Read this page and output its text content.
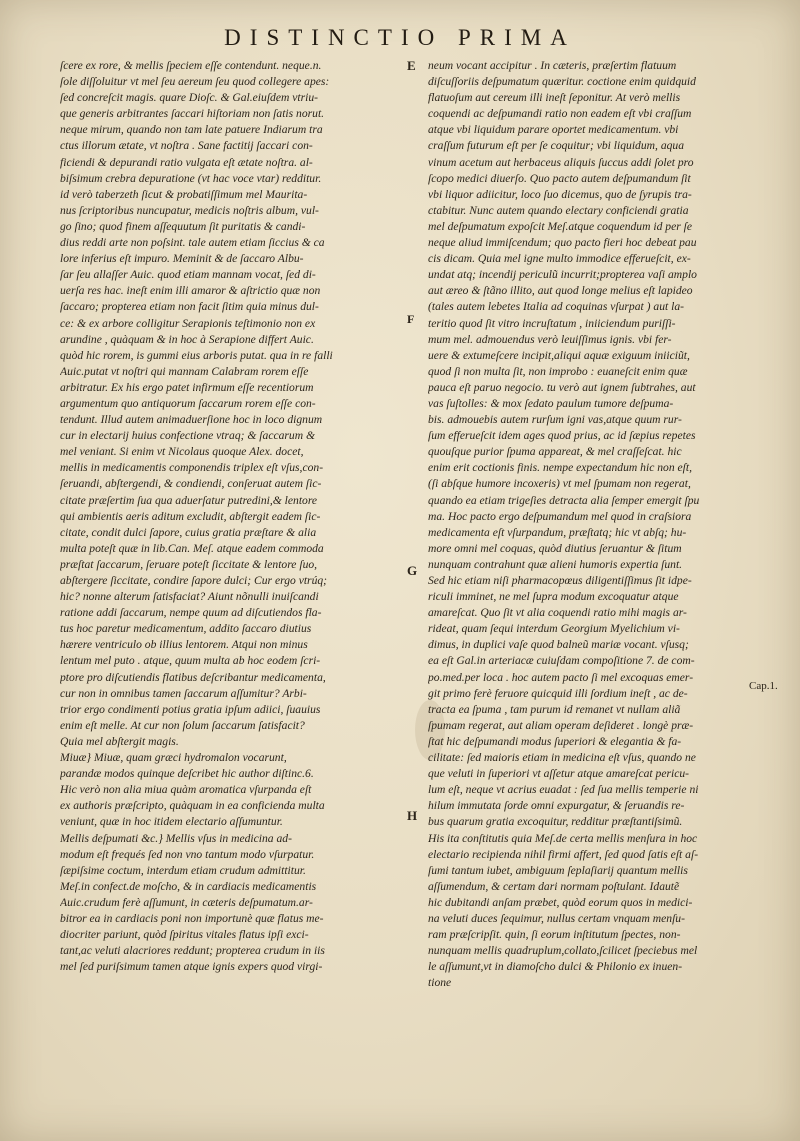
DISTINCTIO PRIMA
ſcere ex rore, & mellis ſpeciem eſſe contendunt. neque.n.
ſole diſſoluitur vt mel ſeu aereum ſeu quod collegere apes:
ſed concreſcit magis. quare Dioſc. & Gal.eiuſdem vtriu-
que generis arbitrantes ſaccari hiſtoriam non ſatis norut.
neque mirum, quando non tam late patuere Indiarum tra
ctus illorum ætate, vt noſtra . Sane factitij ſaccari con-
ficiendi & depurandi ratio vulgata eſt ætate noſtra. al-
biſsimum crebra depuratione (vt hac voce vtar) redditur.
id verò taberzeth ſicut & probatiſſimum mel Maurita-
nus ſcriptoribus nuncupatur, medicis noſtris album, vul-
go ſino; quod finem aſſequutum ſit puritatis & candi-
dius reddi arte non poſsint. tale autem etiam ſiccius & ca
lore inferius eſt impuro. Meminit & de ſaccaro Albu-
ſar ſeu allaſſer Auic. quod etiam mannam vocat, ſed di-
uerſa res hac. ineſt enim illi amaror & aſtrictio quæ non
ſaccaro; propterea etiam non facit ſitim quia minus dul-
ce: & ex arbore colligitur Serapionis teſtimonio non ex
arundine , quàquam & in hoc à Serapione differt Auic.
quòd hic rorem, is gummi eius arboris putat. qua in re falli
Auic.putat vt noſtri qui mannam Calabram rorem eſſe
arbitratur. Ex his ergo patet infirmum eſſe recentiorum
argumentum quo antiquorum ſaccarum rorem eſſe con-
tendunt. Illud autem animaduerſione hoc in loco dignum
cur in electarij huius confectione vtraq; & ſaccarum &
mel veniant. Si enim vt Nicolaus quoque Alex. docet,
mellis in medicamentis componendis triplex eſt vſus,con-
ſeruandi, abſtergendi, & condiendi, conſeruat autem ſic-
citate præſertim ſua qua aduerſatur putredini,& lentore
qui ambientis aeris aditum excludit, abſtergit eadem ſic-
citate, condit dulci ſapore, cuius gratia præſtare & alia
multa poteſt quæ in lib.Can. Meſ. atque eadem commoda
præſtat ſaccarum, ſeruare poteſt ſiccitate & lentore ſuo,
abſtergere ſiccitate, condire ſapore dulci; Cur ergo vtrúq;
hic? nonne alterum ſatisfaciat? Aiunt nõnulli inuiſcandi
ratione addi ſaccarum, nempe quum ad diſcutiendos fla-
tus hoc paretur medicamentum, addito ſaccaro diutius
hærere ventriculo ob illius lentorem. Atqui non minus
lentum mel puto . atque, quum multa ab hoc eodem ſcri-
ptore pro diſcutiendis flatibus deſcribantur medicamenta,
cur non in omnibus tamen ſaccarum aſſumitur? Arbi-
trior ergo condimenti potius gratia ipſum adiici, ſuauius
enim eſt melle. At cur non ſolum ſaccarum ſatisfacit?
Quia mel abſtergit magis.
Miuæ} Miuæ, quam græci hydromalon vocarunt,
parandæ modos quinque deſcribet hic author diſtinc.6.
Hic verò non alia miua quàm aromatica vſurpanda eſt
ex authoris præſcripto, quàquam in ea conficienda multa
veniunt, quæ in hoc itidem electario aſſumuntur.
Mellis deſpumati &c.} Mellis vſus in medicina ad-
modum eſt frequés ſed non vno tantum modo vſurpatur.
ſæpiſsime coctum, interdum etiam crudum admittitur.
Meſ.in confect.de moſcho, & in cardiacis medicamentis
Auic.crudum ferè aſſumunt, in cæteris deſpumatum.ar-
bitror ea in cardiacis poni non importunè quæ flatus me-
diocriter pariunt, quòd ſpiritus vitales flatus ipſi exci-
tant,ac veluti alacriores reddunt; propterea crudum in iis
mel ſed puriſsimum tamen atque ignis expers quod virgi-
neum vocant accipitur . In cæteris, præſertim flatuum
diſcuſſoriis deſpumatum quæritur. coctione enim quidquid
flatuoſum aut cereum illi ineſt ſeponitur. At verò mellis
coquendi ac deſpumandi ratio non eadem eſt vbi craſſum
atque vbi liquidum parare oportet medicamentum. vbi
craſſum futurum eſt per ſe coquitur; vbi liquidum, aqua
vinum acetum aut herbaceus aliquis ſuccus addi ſolet pro
ſcopo medici diuerſo. Quo pacto autem deſpumandum ſit
vbi liquor adiicitur, loco ſuo dicemus, quo de ſyrupis tra-
ctabitur. Nunc autem quando electary conficiendi gratia
mel deſpumatum expoſcit Meſ.atque coquendum id per ſe
neque aliud immiſcendum; quo pacto fieri hoc debeat pau
cis dicam. Quia mel igne multo immodice efferueſcit, ex-
undat atq; incendij periculũ incurrit;propterea vaſi amplo
aut æreo & ſtãno illito, aut quod longe melius eſt lapideo
(tales autem lebetes Italia ad coquinas vſurpat ) aut la-
teritio quod ſit vitro incruſtatum , iniiciendum puriſſi-
mum mel. admouendus verò leuiſſimus ignis. vbi fer-
uere & extumeſcere incipit,aliqui aquæ exiguum iniiciũt,
quod ſi non multa ſit, non improbo : euaneſcit enim quæ
pauca eſt paruo negocio. tu verò aut ignem ſubtrahes, aut
vas ſuſtolles: & mox ſedato paulum tumore deſpuma-
bis. admouebis autem rurſum igni vas,atque quum rur-
ſum efferueſcit idem ages quod prius, ac id ſæpius repetes
quouſque purior ſpuma appareat, & mel craſſeſcat. hic
enim erit coctionis finis. nempe expectandum hic non eſt,
(ſi abſque humore incoxeris) vt mel ſpumam non regerat,
quando ea etiam trigeſies detracta alia ſemper emergit ſpu
ma. Hoc pacto ergo deſpumandum mel quod in craſsiora
medicamenta eſt vſurpandum, præſtatq; hic vt abſq; hu-
more omni mel coquas, quòd diutius ſeruantur & ſitum
nunquam contrahunt quæ alieni humoris expertia ſunt.
Sed hic etiam niſi pharmacopœus diligentiſſimus ſit idpe-
riculi imminet, ne mel ſupra modum excoquatur atque
amareſcat. Quo ſit vt alia coquendi ratio mihi magis ar-
rideat, quam ſequi interdum Georgium Myelichium vi-
dimus, in duplici vaſe quod balneũ mariæ vocant. vſusq;
ea eſt Gal.in arteriacæ cuiuſdam compoſitione 7. de com-
po.med.per loca . hoc autem pacto ſi mel excoquas emer-
git primo ferè feruore quicquid illi ſordium ineſt , ac de-
tracta ea ſpuma , tam purum id remanet vt nullam aliã
ſpumam regerat, aut aliam operam deſideret . longè præ-
ſtat hic deſpumandi modus ſuperiori & elegantia & fa-
cilitate: ſed maioris etiam in medicina eſt vſus, quando ne
que veluti in ſuperiori vt aſſetur atque amareſcat pericu-
lum eſt, neque vt acrius euadat : ſed ſua mellis temperie ni
hilum immutata ſorde omni expurgatur, & ſeruandis re-
bus quarum gratia excoquitur, redditur præſtantiſsimũ.
His ita conſtitutis quia Meſ.de certa mellis menſura in hoc
electario recipienda nihil firmi affert, ſed quod ſatis eſt aſ-
ſumi tantum iubet, ambiguum ſeplaſiarij quantum mellis
aſſumendum, & certam dari normam poſtulant. Idautẽ
hic dubitandi anſam præbet, quòd eorum quos in medici-
na veluti duces ſequimur, nullus certam vnquam menſu-
ram præſcripſit. quin, ſi eorum inſtitutum ſpectes, non-
nunquam mellis quadruplum,collato,ſcilicet ſpeciebus mel
le aſſumunt,vt in diamoſcho dulci & Philonio ex inuen-
tione
E
F
G
H
Cap.1.
